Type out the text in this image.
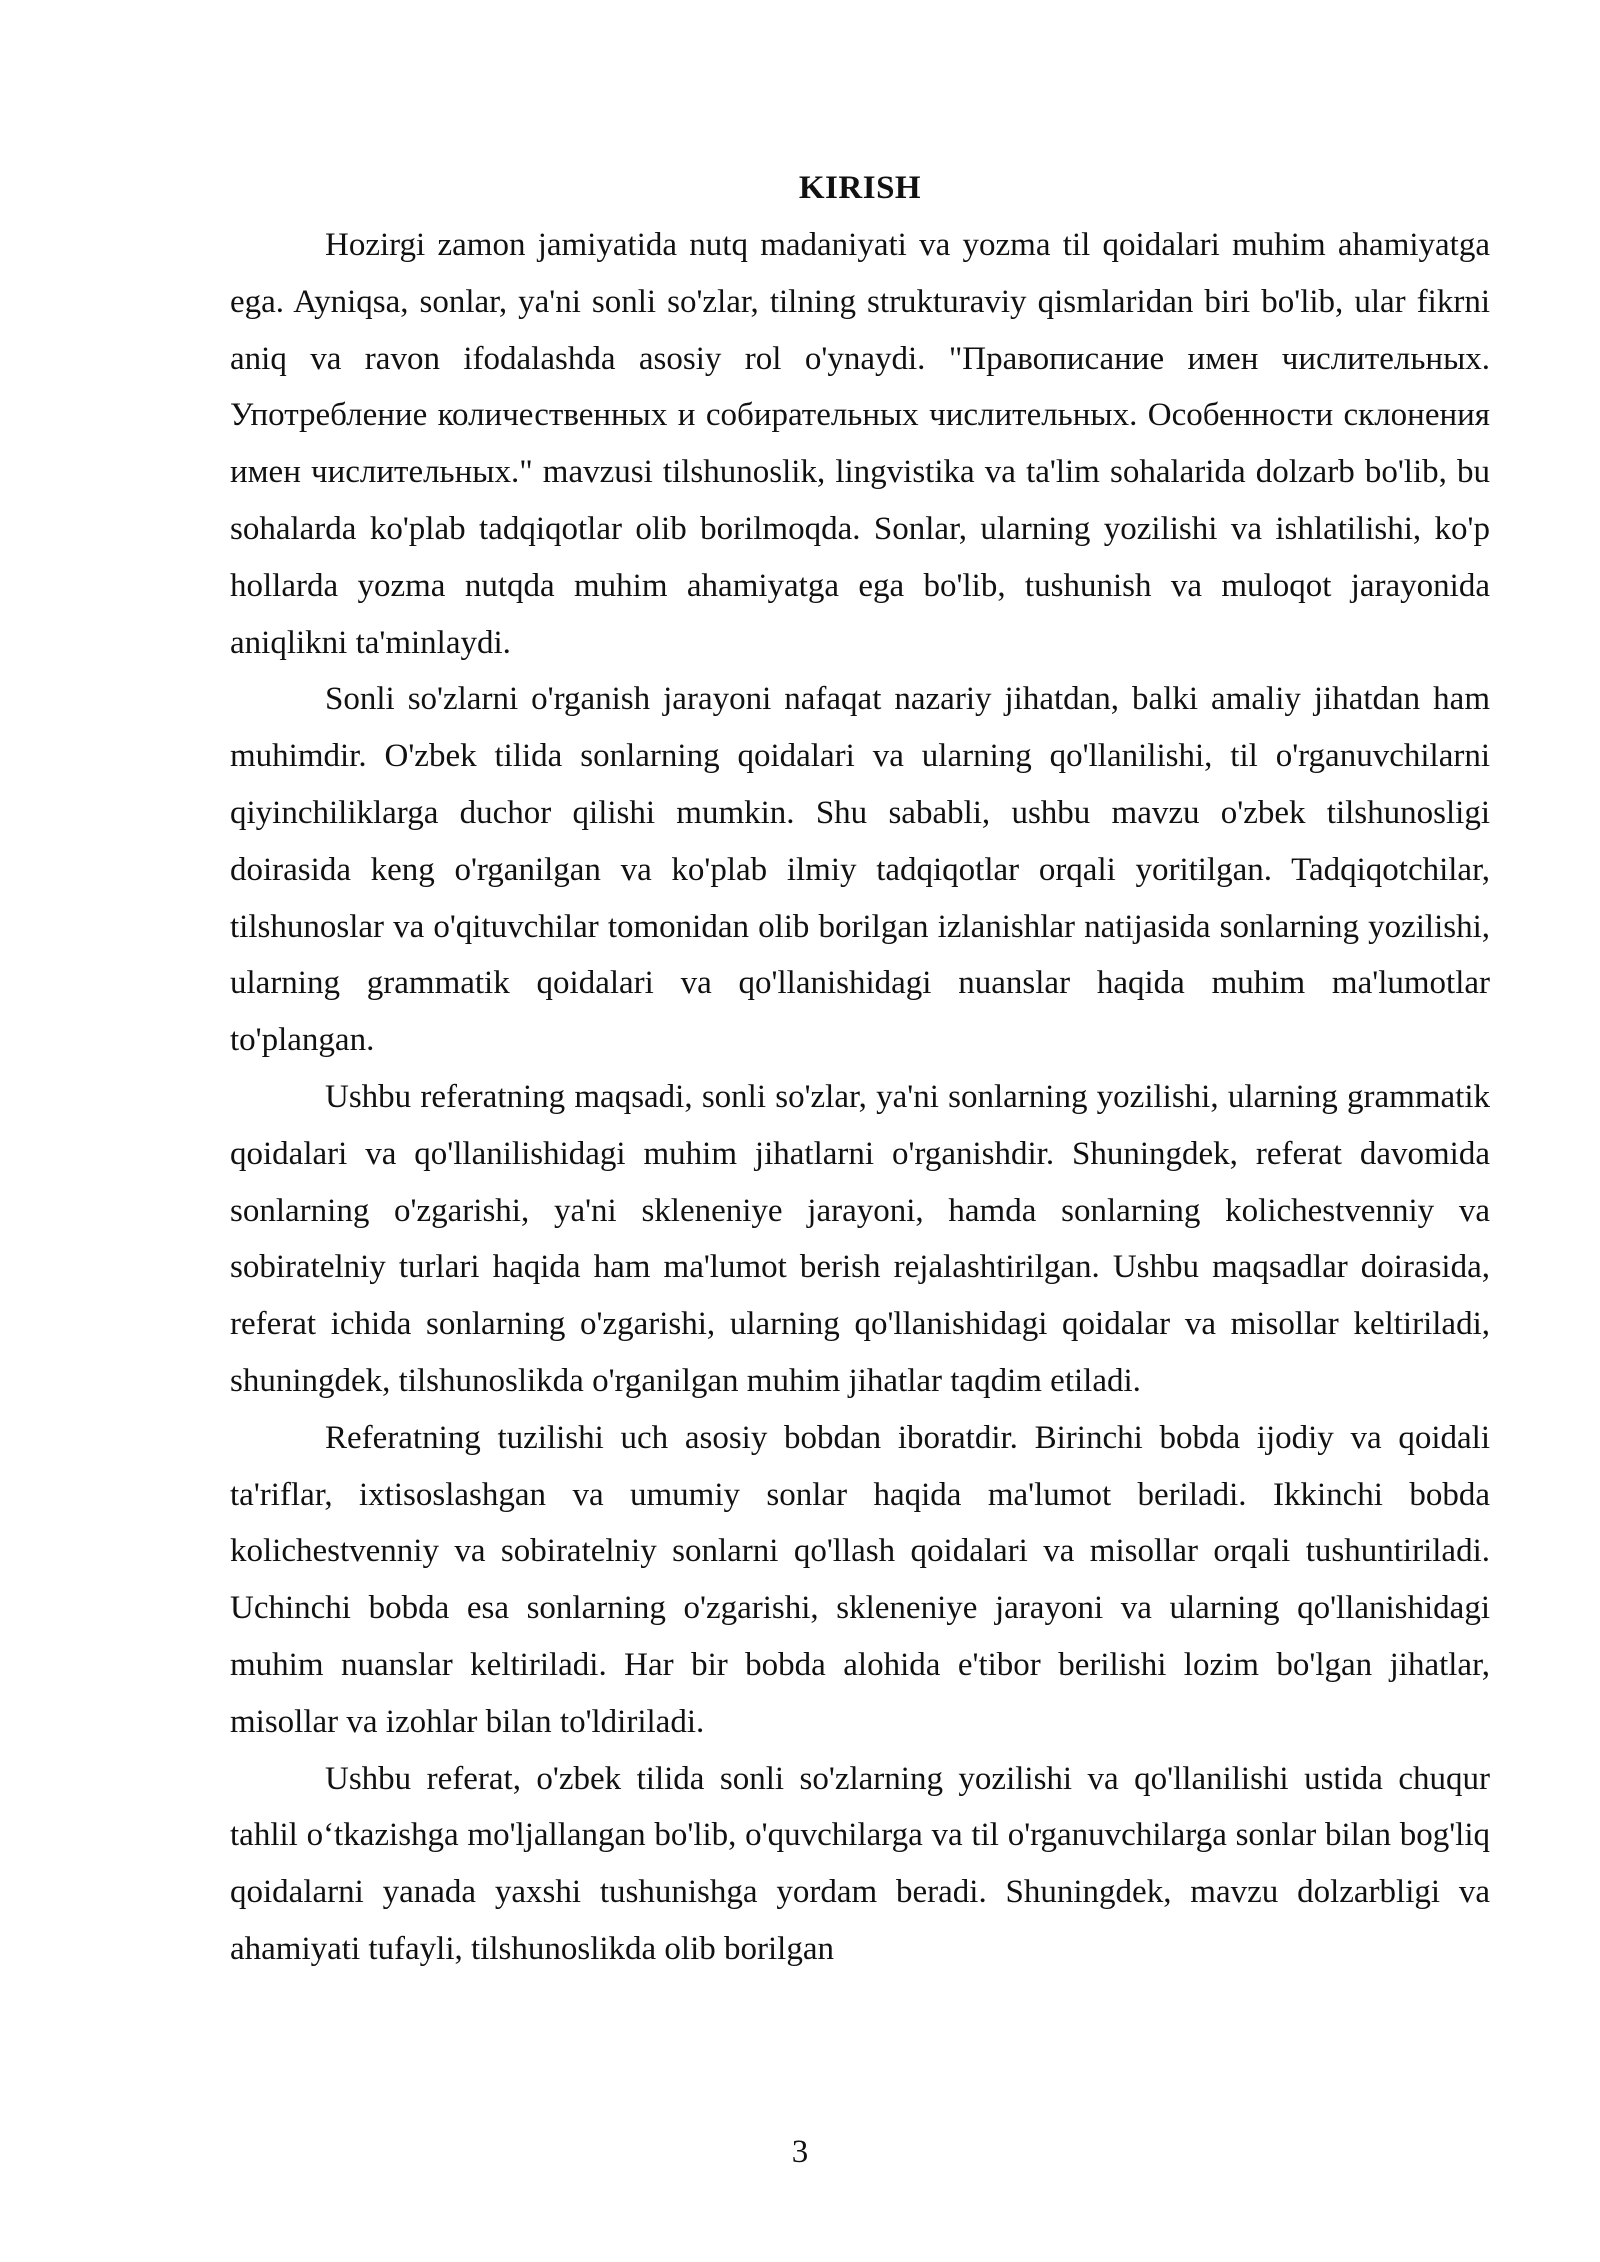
KIRISH

Hozirgi zamon jamiyatida nutq madaniyati va yozma til qoidalari muhim ahamiyatga ega. Ayniqsa, sonlar, ya'ni sonli so'zlar, tilning strukturaviy qismlaridan biri bo'lib, ular fikrni aniq va ravon ifodalashda asosiy rol o'ynaydi. "Правописание имен числительных. Употребление количественных и собирательных числительных. Особенности склонения имен числительных." mavzusi tilshunoslik, lingvistika va ta'lim sohalarida dolzarb bo'lib, bu sohalarda ko'plab tadqiqotlar olib borilmoqda. Sonlar, ularning yozilishi va ishlatilishi, ko'p hollarda yozma nutqda muhim ahamiyatga ega bo'lib, tushunish va muloqot jarayonida aniqlikni ta'minlaydi.

Sonli so'zlarni o'rganish jarayoni nafaqat nazariy jihatdan, balki amaliy jihatdan ham muhimdir. O'zbek tilida sonlarning qoidalari va ularning qo'llanilishi, til o'rganuvchilarni qiyinchiliklarga duchor qilishi mumkin. Shu sababli, ushbu mavzu o'zbek tilshunosligi doirasida keng o'rganilgan va ko'plab ilmiy tadqiqotlar orqali yoritilgan. Tadqiqotchilar, tilshunoslar va o'qituvchilar tomonidan olib borilgan izlanishlar natijasida sonlarning yozilishi, ularning grammatik qoidalari va qo'llanishidagi nuanslar haqida muhim ma'lumotlar to'plangan.

Ushbu referatning maqsadi, sonli so'zlar, ya'ni sonlarning yozilishi, ularning grammatik qoidalari va qo'llanilishidagi muhim jihatlarni o'rganishdir. Shuningdek, referat davomida sonlarning o'zgarishi, ya'ni skleneniye jarayoni, hamda sonlarning kolichestvenniy va sobiratelniy turlari haqida ham ma'lumot berish rejalashtirilgan. Ushbu maqsadlar doirasida, referat ichida sonlarning o'zgarishi, ularning qo'llanishidagi qoidalar va misollar keltiriladi, shuningdek, tilshunoslikda o'rganilgan muhim jihatlar taqdim etiladi.

Referatning tuzilishi uch asosiy bobdan iboratdir. Birinchi bobda ijodiy va qoidali ta'riflar, ixtisoslashgan va umumiy sonlar haqida ma'lumot beriladi. Ikkinchi bobda kolichestvenniy va sobiratelniy sonlarni qo'llash qoidalari va misollar orqali tushuntiriladi. Uchinchi bobda esa sonlarning o'zgarishi, skleneniye jarayoni va ularning qo'llanishidagi muhim nuanslar keltiriladi. Har bir bobda alohida e'tibor berilishi lozim bo'lgan jihatlar, misollar va izohlar bilan to'ldiriladi.

Ushbu referat, o'zbek tilida sonli so'zlarning yozilishi va qo'llanilishi ustida chuqur tahlil o‘tkazishga mo'ljallangan bo'lib, o'quvchilarga va til o'rganuvchilarga sonlar bilan bog'liq qoidalarni yanada yaxshi tushunishga yordam beradi. Shuningdek, mavzu dolzarbligi va ahamiyati tufayli, tilshunoslikda olib borilgan

3
